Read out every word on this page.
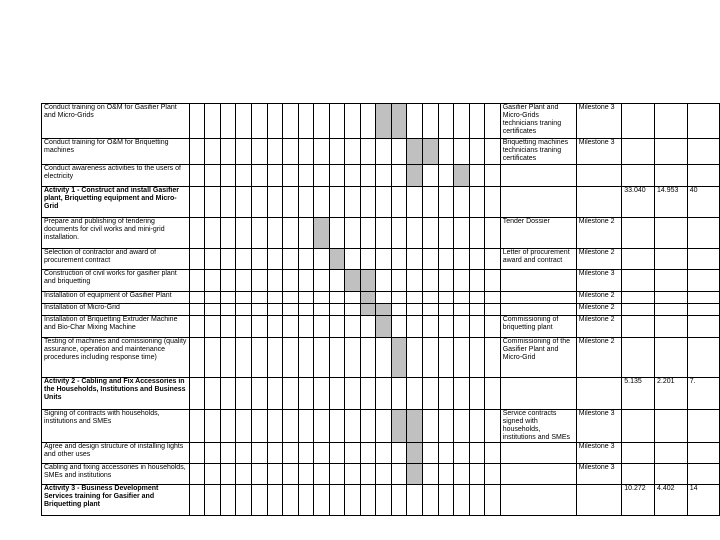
Conduct training on O&M for Gasifier Plant and Micro-Grids																					Gasifier Plant and Micro-Grids technicians traning certificates	Milestone 3			
Conduct training for O&M for Briquetting machines																					Briquetting machines technicians traning certificates	Milestone 3			
Conduct awareness activities to the users of electricity																									
Activity 1 - Construct and install Gasifier plant, Briquetting equipment and Micro-Grid																							33.040	14.953	40
Prepare and publishing of tendering documents for civil works and mini-grid installation.																					Tender Dossier	Milestone 2			
Selection of contractor and award of procurement contract																					Letter of procurement award and contract	Milestone 2			
Construction of civil works for gasifier plant and briquetting																						Milestone 3			
Installation of equipment of Gasifier Plant																						Milestone 2			
Installation of Micro-Grid																						Milestone 2			
Installation of Briquetting Extruder Machine and Bio-Char Mixing Machine																					Commissioning of briquetting plant	Milestone 2			
Testing of machines and comissioning (quality assurance, operation and maintenance procedures including response time)																					Commissioning of the Gasifier Plant and Micro-Grid	Milestone 2			
Activity 2 - Cabling and Fix Accessories in the Households, Institutions and Business Units																							5.135	2.201	7.
Signing of contracts with households, institutions and SMEs																					Service contracts signed with households, institutions and SMEs	Milestone 3			
Agree and design structure of installing lights and other uses																						Milestone 3			
Cabling and fixing accessories in households, SMEs and institutions																						Milestone 3			
Activity 3 - Business Development Services training for Gasifier and Briquetting plant																							10.272	4.402	14
